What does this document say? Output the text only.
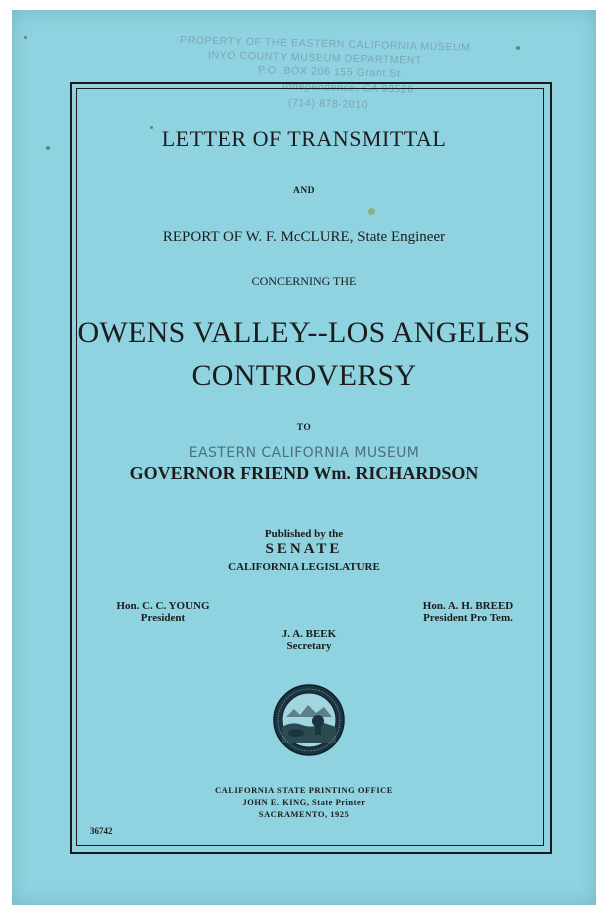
PROPERTY OF THE EASTERN CALIFORNIA MUSEUM
INYO COUNTY MUSEUM DEPARTMENT
P.O. BOX 206 155 Grant St.
Independence, CA 93526
(714) 878-2010
LETTER OF TRANSMITTAL
AND
REPORT OF W. F. McCLURE, State Engineer
CONCERNING THE
OWENS VALLEY--LOS ANGELES
CONTROVERSY
TO
EASTERN CALIFORNIA MUSEUM
GOVERNOR FRIEND Wm. RICHARDSON
Published by the
SENATE
CALIFORNIA LEGISLATURE
Hon. C. C. YOUNG
President
Hon. A. H. BREED
President Pro Tem.
J. A. BEEK
Secretary
CALIFORNIA STATE PRINTING OFFICE
JOHN E. KING, State Printer
SACRAMENTO, 1925
36742
